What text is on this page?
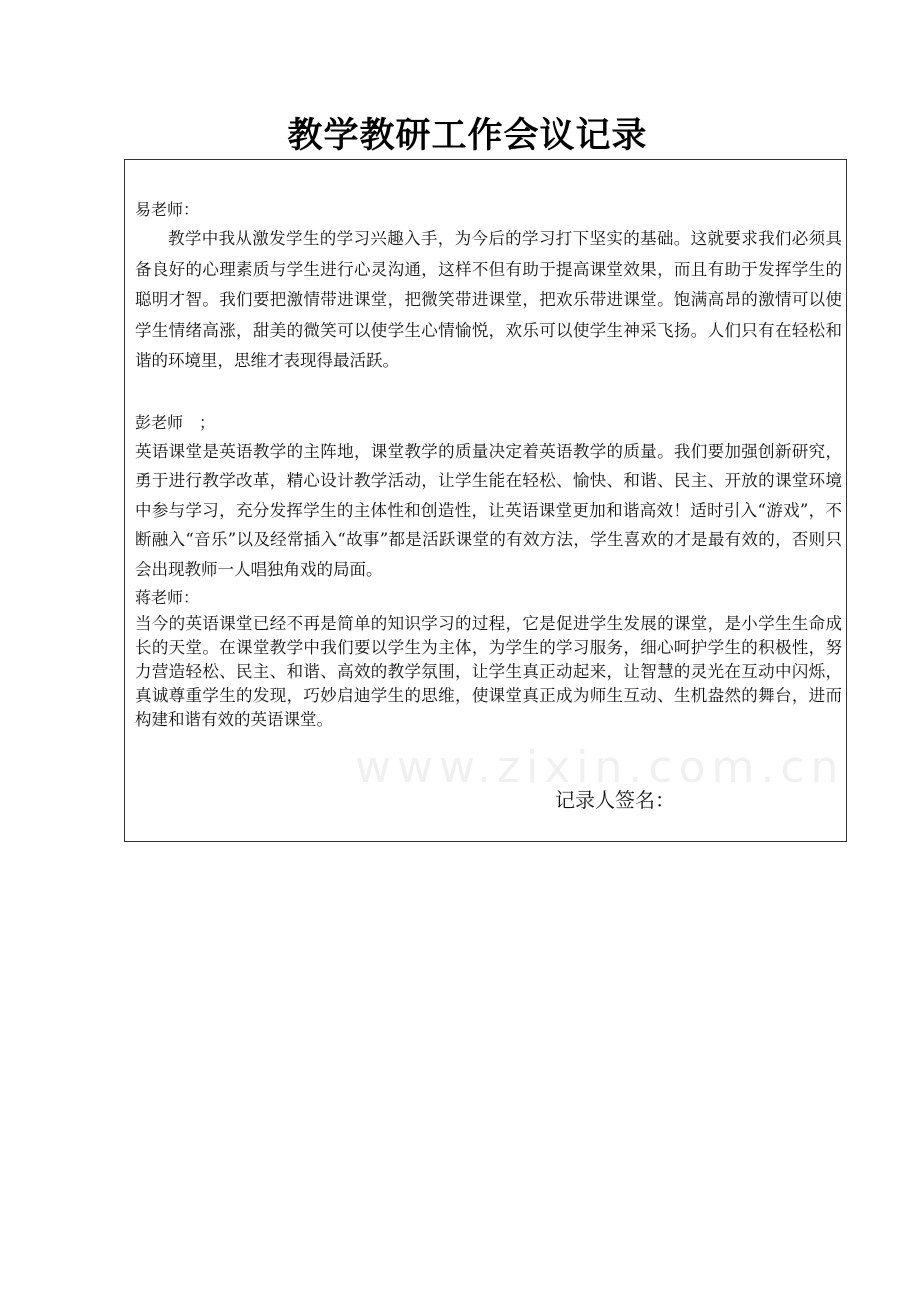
教学教研工作会议记录
www.zixin.com.cn

易老师：

教学中我从激发学生的学习兴趣入手，为今后的学习打下坚实的基础。这就要求我们必须具备良好的心理素质与学生进行心灵沟通，这样不但有助于提高课堂效果，而且有助于发挥学生的聪明才智。我们要把激情带进课堂，把微笑带进课堂，把欢乐带进课堂。饱满高昂的激情可以使学生情绪高涨，甜美的微笑可以使学生心情愉悦，欢乐可以使学生神采飞扬。人们只有在轻松和谐的环境里，思维才表现得最活跃。

彭老师　；

英语课堂是英语教学的主阵地，课堂教学的质量决定着英语教学的质量。我们要加强创新研究，勇于进行教学改革，精心设计教学活动，让学生能在轻松、愉快、和谐、民主、开放的课堂环境中参与学习，充分发挥学生的主体性和创造性，让英语课堂更加和谐高效！适时引入“游戏”，不断融入“音乐”以及经常插入“故事”都是活跃课堂的有效方法，学生喜欢的才是最有效的，否则只会出现教师一人唱独角戏的局面。

蒋老师：

当今的英语课堂已经不再是简单的知识学习的过程，它是促进学生发展的课堂，是小学生生命成长的天堂。在课堂教学中我们要以学生为主体，为学生的学习服务，细心呵护学生的积极性，努力营造轻松、民主、和谐、高效的教学氛围，让学生真正动起来，让智慧的灵光在互动中闪烁，真诚尊重学生的发现，巧妙启迪学生的思维，使课堂真正成为师生互动、生机盎然的舞台，进而构建和谐有效的英语课堂。

记录人签名：
